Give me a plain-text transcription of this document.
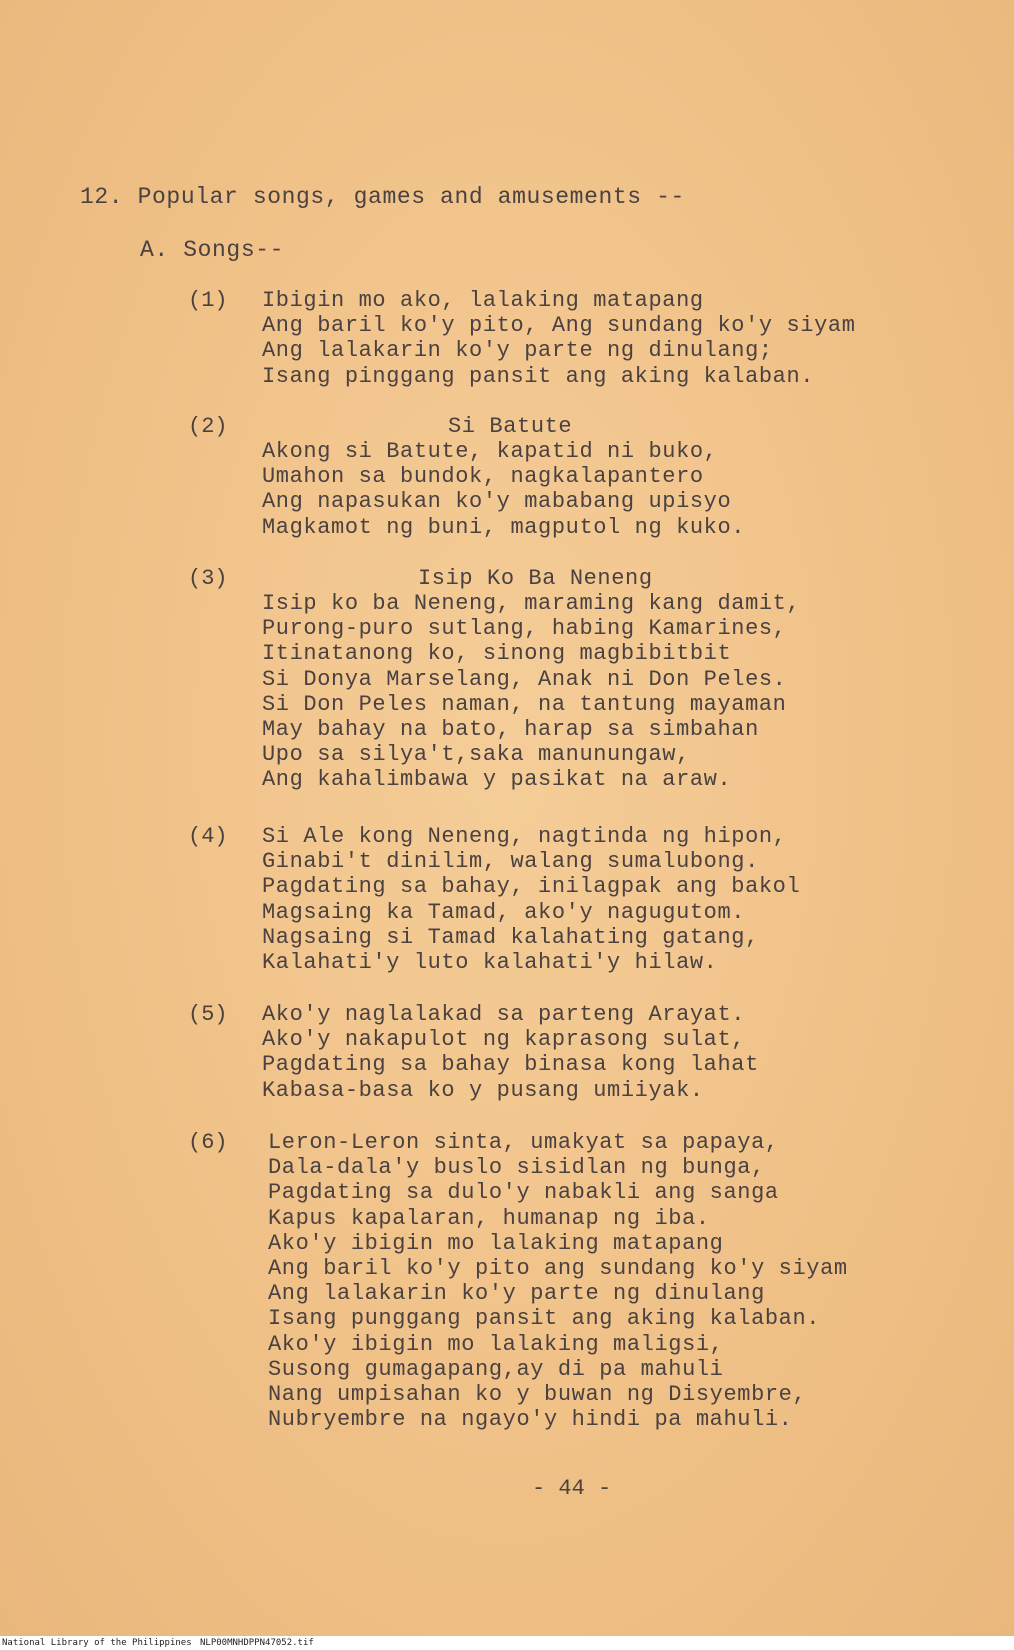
12. Popular songs, games and amusements --
A. Songs--
(1) Ibigin mo ako, lalaking matapang
Ang baril ko'y pito, Ang sundang ko'y siyam
Ang lalakarin ko'y parte ng dinulang;
Isang pinggang pansit ang aking kalaban.
(2)	Si Batute
Akong si Batute, kapatid ni buko,
Umahon sa bundok, nagkalapantero
Ang napasukan ko'y mababang upisyo
Magkamot ng buni, magputol ng kuko.
(3)	Isip Ko Ba Neneng
Isip ko ba Neneng, maraming kang damit,
Purong-puro sutlang, habing Kamarines,
Itinatanong ko, sinong magbibitbit
Si Donya Marselang, Anak ni Don Peles.
Si Don Peles naman, na tantung mayaman
May bahay na bato, harap sa simbahan
Upo sa silya't,saka manunungaw,
Ang kahalimbawa y pasikat na araw.
(4) Si Ale kong Neneng, nagtinda ng hipon,
Ginabi't dinilim, walang sumalubong.
Pagdating sa bahay, inilagpak ang bakol
Magsaing ka Tamad, ako'y nagugutom.
Nagsaing si Tamad kalahating gatang,
Kalahati'y luto kalahati'y hilaw.
(5) Ako'y naglalakad sa parteng Arayat.
Ako'y nakapulot ng kaprasong sulat,
Pagdating sa bahay binasa kong lahat
Kabasa-basa ko y pusang umiiyak.
(6) Leron-Leron sinta, umakyat sa papaya,
Dala-dala'y buslo sisidlan ng bunga,
Pagdating sa dulo'y nabakli ang sanga
Kapus kapalaran, humanap ng iba.
Ako'y ibigin mo lalaking matapang
Ang baril ko'y pito ang sundang ko'y siyam
Ang lalakarin ko'y parte ng dinulang
Isang punggang pansit ang aking kalaban.
Ako'y ibigin mo lalaking maligsi,
Susong gumagapang,ay di pa mahuli
Nang umpisahan ko y buwan ng Disyembre,
Nubryembre na ngayo'y hindi pa mahuli.
- 44 -
National Library of the Philippines NLP00MNHDPPN47052.tif
